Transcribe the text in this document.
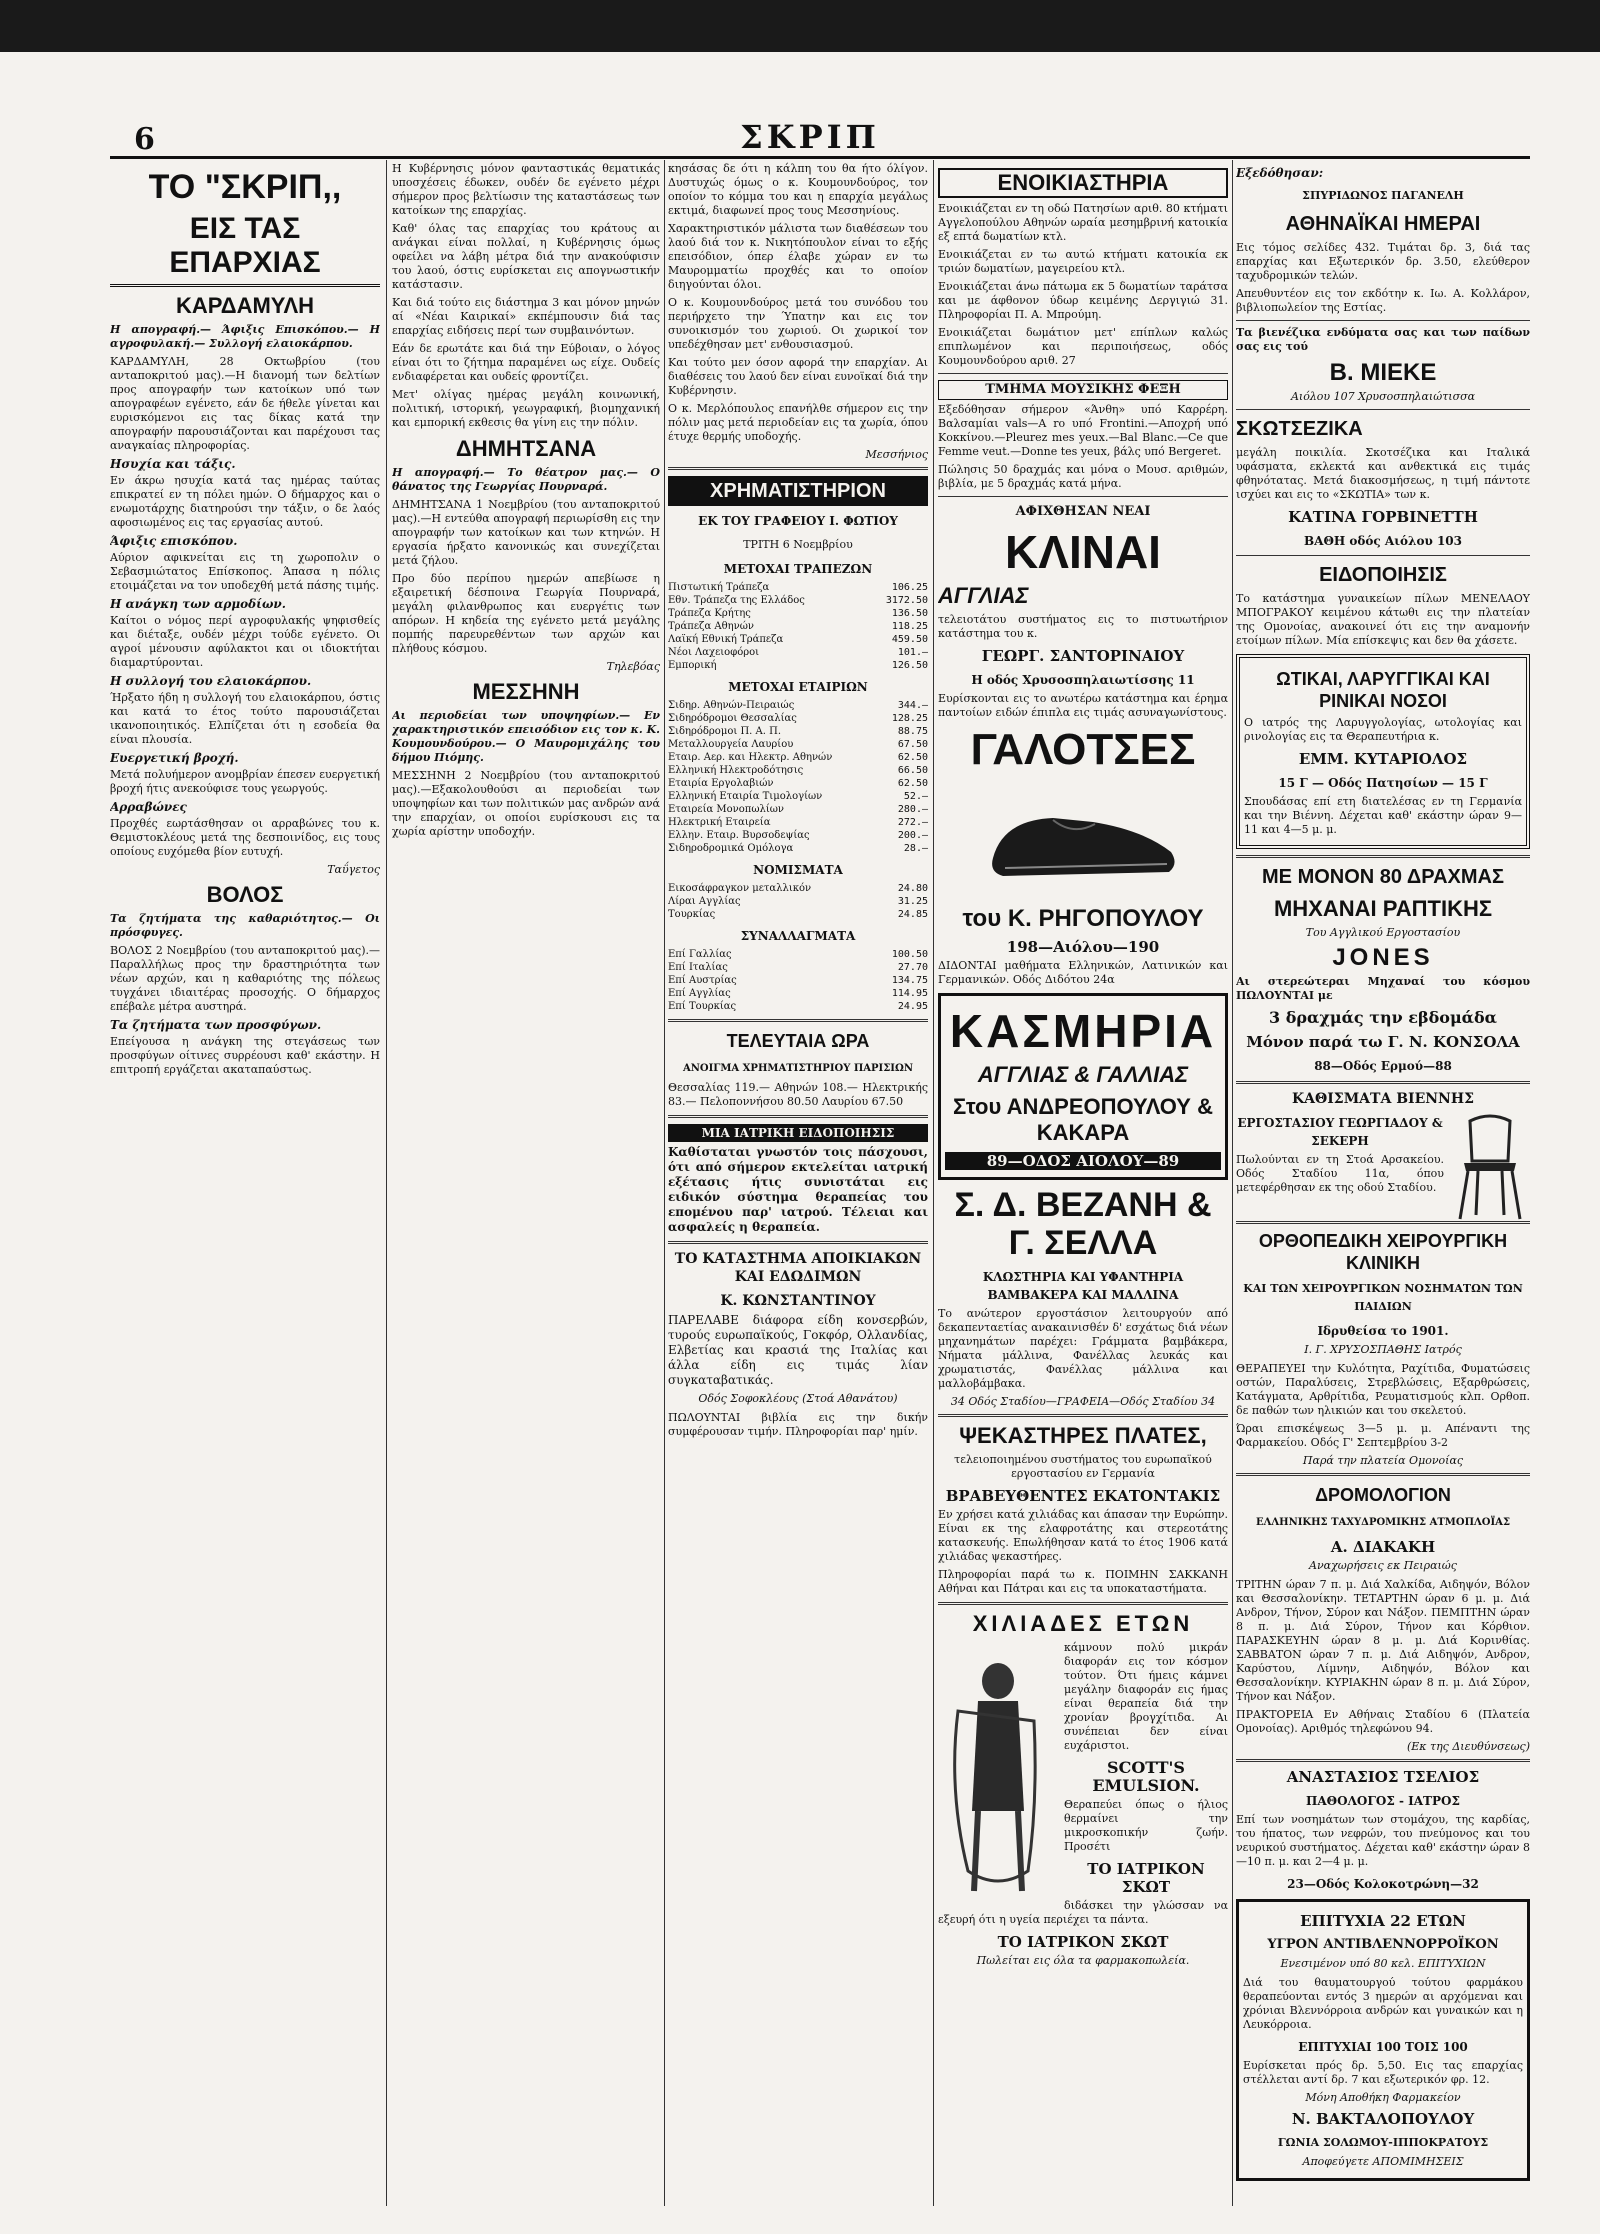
6	ΣΚΡΙΠ
ΤΟ "ΣΚΡΙΠ,,
ΕΙΣ ΤΑΣ ΕΠΑΡΧΙΑΣ
ΚΑΡΔΑΜΥΛΗ

Η απογραφή.— Άφιξις Επισκόπου.— Η αγροφυλακή.— Συλλογή ελαιοκάρπου.

ΚΑΡΔΑΜΥΛΗ, 28 Οκτωβρίου (του ανταποκριτού μας).—Η διανομή των δελτίων προς απογραφήν των κατοίκων υπό των απογραφέων εγένετο, εάν δε ήθελε γίνεται και ευρισκόμενοι εις τας δίκας κατά την απογραφήν παρουσιάζονται και παρέχουσι τας αναγκαίας πληροφορίας.

Ησυχία και τάξις.

Εν άκρω ησυχία κατά τας ημέρας ταύτας επικρατεί εν τη πόλει ημών. Ο δήμαρχος και ο ενωμοτάρχης διατηρούσι την τάξιν, ο δε λαός αφοσιωμένος εις τας εργασίας αυτού.

Άφιξις επισκόπου.

Αύριον αφικνείται εις τη χωροπολιν ο Σεβασμιώτατος Επίσκοπος. Άπασα η πόλις ετοιμάζεται να τον υποδεχθή μετά πάσης τιμής.

Η ανάγκη των αρμοδίων.

Καίτοι ο νόμος περί αγροφυλακής ψηφισθείς και διέταξε, ουδέν μέχρι τούδε εγένετο. Οι αγροί μένουσιν αφύλακτοι και οι ιδιοκτήται διαμαρτύρονται.

Η συλλογή του ελαιοκάρπου.

Ήρξατο ήδη η συλλογή του ελαιοκάρπου, όστις και κατά το έτος τούτο παρουσιάζεται ικανοποιητικός. Ελπίζεται ότι η εσοδεία θα είναι πλουσία.

Ευεργετική βροχή.

Μετά πολυήμερον ανομβρίαν έπεσεν ευεργετική βροχή ήτις ανεκούφισε τους γεωργούς.

Αρραβώνες

Προχθές εωρτάσθησαν οι αρραβώνες του κ. Θεμιστοκλέους μετά της δεσποινίδος, εις τους οποίους ευχόμεθα βίον ευτυχή.

Ταΰγετος
ΒΟΛΟΣ

Τα ζητήματα της καθαριότητος.— Οι πρόσφυγες.

ΒΟΛΟΣ 2 Νοεμβρίου (του ανταποκριτού μας).—Παραλλήλως προς την δραστηριότητα των νέων αρχών, και η καθαριότης της πόλεως τυγχάνει ιδιαιτέρας προσοχής. Ο δήμαρχος επέβαλε μέτρα αυστηρά.

Τα ζητήματα των προσφύγων.

Επείγουσα η ανάγκη της στεγάσεως των προσφύγων οίτινες συρρέουσι καθ' εκάστην. Η επιτροπή εργάζεται ακαταπαύστως.

Η Κυβέρνησις μόνον φανταστικάς θεματικάς υποσχέσεις έδωκεν, ουδέν δε εγένετο μέχρι σήμερον προς βελτίωσιν της καταστάσεως των κατοίκων της επαρχίας.

Καθ' όλας τας επαρχίας του κράτους αι ανάγκαι είναι πολλαί, η Κυβέρνησις όμως οφείλει να λάβη μέτρα διά την ανακούφισιν του λαού, όστις ευρίσκεται εις απογνωστικήν κατάστασιν.

Και διά τούτο εις διάστημα 3 και μόνον μηνών αί «Νέαι Καιρικαί» εκπέμπουσιν διά τας επαρχίας ειδήσεις περί των συμβαινόντων.

Εάν δε ερωτάτε και διά την Εύβοιαν, ο λόγος είναι ότι το ζήτημα παραμένει ως είχε. Ουδείς ενδιαφέρεται και ουδείς φροντίζει.

Μετ' ολίγας ημέρας μεγάλη κοινωνική, πολιτική, ιστορική, γεωγραφική, βιομηχανική και εμπορική εκθεσις θα γίνη εις την πόλιν.

ΔΗΜΗΤΣΑΝΑ

Η απογραφή.— Το θέατρον μας.— Ο θάνατος της Γεωργίας Πουρναρά.

ΔΗΜΗΤΣΑΝΑ 1 Νοεμβρίου (του ανταποκριτού μας).—Η εντεύθα απογραφή περιωρίσθη εις την απογραφήν των κατοίκων και των κτηνών. Η εργασία ήρξατο κανονικώς και συνεχίζεται μετά ζήλου.

Προ δύο περίπου ημερών απεβίωσε η εξαιρετική δέσποινα Γεωργία Πουρναρά, μεγάλη φιλανθρωπος και ευεργέτις των απόρων. Η κηδεία της εγένετο μετά μεγάλης πομπής παρευρεθέντων των αρχών και πλήθους κόσμου.

Τηλεβόας
ΜΕΣΣΗΝΗ

Αι περιοδείαι των υποψηφίων.— Εν χαρακτηριστικόν επεισόδιον εις τον κ. Κ. Κουμουνδούρου.— Ο Μαυρομιχάλης του δήμου Πιόμης.

ΜΕΣΣΗΝΗ 2 Νοεμβρίου (του ανταποκριτού μας).—Εξακολουθούσι αι περιοδείαι των υποψηφίων και των πολιτικών μας ανδρών ανά την επαρχίαν, οι οποίοι ευρίσκουσι εις τα χωρία αρίστην υποδοχήν.

κησάσας δε ότι η κάλπη του θα ήτο όλίγον. Δυστυχώς όμως ο κ. Κουμουνδούρος, τον οποίον το κόμμα του και η επαρχία μεγάλως εκτιμά, διαφωνεί προς τους Μεσσηνίους.

Χαρακτηριστικόν μάλιστα των διαθέσεων του λαού διά τον κ. Νικητόπουλον είναι το εξής επεισόδιον, όπερ έλαβε χώραν εν τω Μαυρομματίω προχθές και το οποίον διηγούνται όλοι.

Ο κ. Κουμουνδούρος μετά του συνόδου του περιήρχετο την Ύπατην και εις τον συνοικισμόν του χωριού. Οι χωρικοί τον υπεδέχθησαν μετ' ενθουσιασμού.

Και τούτο μεν όσον αφορά την επαρχίαν. Αι διαθέσεις του λαού δεν είναι ευνοϊκαί διά την Κυβέρνησιν.

Ο κ. Μερλόπουλος επανήλθε σήμερον εις την πόλιν μας μετά περιοδείαν εις τα χωρία, όπου έτυχε θερμής υποδοχής.

Μεσσήνιος
ΧΡΗΜΑΤΙΣΤΗΡΙΟΝ
ΕΚ ΤΟΥ ΓΡΑΦΕΙΟΥ Ι. ΦΩΤΙΟΥ
ΤΡΙΤΗ 6 Νοεμβρίου
ΜΕΤΟΧΑΙ ΤΡΑΠΕΖΩΝ
Πιστωτική Τράπεζα	106.25
Εθν. Τράπεζα της Ελλάδος	3172.50
Τράπεζα Κρήτης	136.50
Τράπεζα Αθηνών	118.25
Λαϊκή Εθνική Τράπεζα	459.50
Νέοι Λαχειοφόροι	101.—
Εμπορική	126.50
ΜΕΤΟΧΑΙ ΕΤΑΙΡΙΩΝ
Σιδηρ. Αθηνών-Πειραιώς	344.—
Σιδηρόδρομοι Θεσσαλίας	128.25
Σιδηρόδρομοι Π. Α. Π.	88.75
Μεταλλουργεία Λαυρίου	67.50
Εταιρ. Αερ. και Ηλεκτρ. Αθηνών	62.50
Ελληνική Ηλεκτροδότησις	66.50
Εταιρία Εργολαβιών	62.50
Ελληνική Εταιρία Τιμολογίων	52.—
Εταιρεία Μονοπωλίων	280.—
Ηλεκτρική Εταιρεία	272.—
Ελλην. Εταιρ. Βυρσοδεψίας	200.—
Σιδηροδρομικά Ομόλογα	28.—
ΝΟΜΙΣΜΑΤΑ
Εικοσάφραγκον μεταλλικόν	24.80
Λίραι Αγγλίας	31.25
Τουρκίας	24.85
ΣΥΝΑΛΛΑΓΜΑΤΑ
Επί Γαλλίας	100.50
Επί Ιταλίας	27.70
Επί Αυστρίας	134.75
Επί Αγγλίας	114.95
Επί Τουρκίας	24.95
ΤΕΛΕΥΤΑΙΑ ΩΡΑ
ΑΝΟΙΓΜΑ ΧΡΗΜΑΤΙΣΤΗΡΙΟΥ ΠΑΡΙΣΙΩΝ

Θεσσαλίας 119.— Αθηνών 108.— Ηλεκτρικής 83.— Πελοποννήσου 80.50 Λαυρίου 67.50

ΜΙΑ ΙΑΤΡΙΚΗ ΕΙΔΟΠΟΙΗΣΙΣ

Καθίσταται γνωστόν τοις πάσχουσι, ότι από σήμερον εκτελείται ιατρική εξέτασις ήτις συνιστάται εις ειδικόν σύστημα θεραπείας του επομένου παρ' ιατρού. Τέλειαι και ασφαλείς η θεραπεία.

ΤΟ ΚΑΤΑΣΤΗΜΑ ΑΠΟΙΚΙΑΚΩΝ ΚΑΙ ΕΔΩΔΙΜΩΝ
Κ. ΚΩΝΣΤΑΝΤΙΝΟΥ

ΠΑΡΕΛΑΒΕ διάφορα είδη κονσερβών, τυρούς ευρωπαϊκούς, Γοκφόρ, Ολλανδίας, Ελβετίας και κρασιά της Ιταλίας και άλλα είδη εις τιμάς λίαν συγκαταβατικάς.

Οδός Σοφοκλέους (Στοά Αθανάτου)

ΠΩΛΟΥΝΤΑΙ βιβλία εις την δικήν συμφέρουσαν τιμήν. Πληροφορίαι παρ' ημίν.

ΕΝΟΙΚΙΑΣΤΗΡΙΑ

Ενοικιάζεται εν τη οδώ Πατησίων αριθ. 80 κτήματι Αγγελοπούλου Αθηνών ωραία μεσημβρινή κατοικία εξ επτά δωματίων κτλ.

Ενοικιάζεται εν τω αυτώ κτήματι κατοικία εκ τριών δωματίων, μαγειρείου κτλ.

Ενοικιάζεται άνω πάτωμα εκ 5 δωματίων ταράτσα και με άφθονον ύδωρ κειμένης Δεργιγιώ 31. Πληροφορίαι Π. Α. Μπρούμη.

Ενοικιάζεται δωμάτιον μετ' επίπλων καλώς επιπλωμένον και περιποιήσεως, οδός Κουμουνδούρου αριθ. 27

ΤΜΗΜΑ ΜΟΥΣΙΚΗΣ ΦΕΞΗ

Εξεδόθησαν σήμερον «Άνθη» υπό Καρρέρη. Βαλσαμίαι vals—Α ro υπό Frontini.—Αποχρή υπό Κοκκίνου.—Pleurez mes yeux.—Bal Blanc.—Ce que Femme veut.—Donne tes yeux, βάλς υπό Bergeret.

Πώλησις 50 δραχμάς και μόνα ο Μουσ. αριθμών, βιβλία, με 5 δραχμάς κατά μήνα.

ΑΦΙΧΘΗΣΑΝ ΝΕΑΙ
ΚΛΙΝΑΙ
ΑΓΓΛΙΑΣ

τελειοτάτου συστήματος εις το πιστυωτήριον κατάστημα του κ.

ΓΕΩΡΓ. ΣΑΝΤΟΡΙΝΑΙΟΥ
Η οδός Χρυσοσπηλαιωτίσσης 11

Ευρίσκονται εις το ανωτέρω κατάστημα και έρημα παντοίων ειδών έπιπλα εις τιμάς ασυναγωνίστους.

ΓΑΛΟΤΣΕΣ
του Κ. ΡΗΓΟΠΟΥΛΟΥ
198—Αιόλου—190

ΔΙΔΟΝΤΑΙ μαθήματα Ελληνικών, Λατινικών και Γερμανικών. Οδός Διδότου 24α

ΚΑΣΜΗΡΙΑ
ΑΓΓΛΙΑΣ & ΓΑΛΛΙΑΣ
Στου ΑΝΔΡΕΟΠΟΥΛΟΥ & ΚΑΚΑΡΑ
89—ΟΔΟΣ ΑΙΟΛΟΥ—89
Σ. Δ. ΒΕΖΑΝΗ & Γ. ΣΕΛΛΑ
ΚΛΩΣΤΗΡΙΑ ΚΑΙ ΥΦΑΝΤΗΡΙΑ ΒΑΜΒΑΚΕΡΑ ΚΑΙ ΜΑΛΛΙΝΑ

Το ανώτερον εργοστάσιον λειτουργούν από δεκαπενταετίας ανακαινισθέν δ' εσχάτως διά νέων μηχανημάτων παρέχει: Γράμματα βαμβάκερα, Νήματα μάλλινα, Φανέλλας λευκάς και χρωματιστάς, Φανέλλας μάλλινα και μαλλοβάμβακα.

34 Οδός Σταδίου—ΓΡΑΦΕΙΑ—Οδός Σταδίου 34
ΨΕΚΑΣΤΗΡΕΣ ΠΛΑΤΕΣ,

τελειοποιημένου συστήματος του ευρωπαϊκού εργοστασίου εν Γερμανία

ΒΡΑΒΕΥΘΕΝΤΕΣ ΕΚΑΤΟΝΤΑΚΙΣ

Εν χρήσει κατά χιλιάδας και άπασαν την Ευρώπην. Είναι εκ της ελαφροτάτης και στερεοτάτης κατασκευής. Επωλήθησαν κατά το έτος 1906 κατά χιλιάδας ψεκαστήρες.

Πληροφορίαι παρά τω κ. ΠΟΙΜΗΝ ΣΑΚΚΑΝΗ Αθήναι και Πάτραι και εις τα υποκαταστήματα.

ΧΙΛΙΑΔΕΣ ΕΤΩΝ

κάμνουν πολύ μικράν διαφοράν εις τον κόσμον τούτον. Ότι ήμεις κάμνει μεγάλην διαφοράν εις ήμας είναι θεραπεία διά την χρονίαν βρογχίτιδα. Αι συνέπειαι δεν είναι ευχάριστοι.

SCOTT'S EMULSION.

Θεραπεύει όπως ο ήλιος θερμαίνει την μικροσκοπικήν ζωήν. Προσέτι

ΤΟ ΙΑΤΡΙΚΟΝ ΣΚΩΤ

διδάσκει την γλώσσαν να εξευρή ότι η υγεία περιέχει τα πάντα.

ΤΟ ΙΑΤΡΙΚΟΝ ΣΚΩΤ
Πωλείται εις όλα τα φαρμακοπωλεία.
Εξεδόθησαν:
ΣΠΥΡΙΔΩΝΟΣ ΠΑΓΑΝΕΛΗ
ΑΘΗΝΑΪΚΑΙ ΗΜΕΡΑΙ

Εις τόμος σελίδες 432. Τιμάται δρ. 3, διά τας επαρχίας και Εξωτερικόν δρ. 3.50, ελεύθερον ταχυδρομικών τελών.

Απευθυντέον εις τον εκδότην κ. Ιω. Α. Κολλάρον, βιβλιοπωλείον της Εστίας.

Τα βιενέζικα ενδύματα σας και των παίδων σας εις τού

Β. ΜΙΕΚΕ
Αιόλου 107 Χρυσοσπηλαιώτισσα
ΣΚΩΤΣΕΖΙΚΑ

μεγάλη ποικιλία. Σκοτσέζικα και Ιταλικά υφάσματα, εκλεκτά και ανθεκτικά εις τιμάς φθηνότατας. Μετά διακοσμήσεως, η τιμή πάντοτε ισχύει και εις το «ΣΚΩΤΙΑ» των κ.

ΚΑΤΙΝΑ ΓΟΡΒΙΝΕΤΤΗ
ΒΑΘΗ οδός Αιόλου 103
ΕΙΔΟΠΟΙΗΣΙΣ

Το κατάστημα γυναικείων πίλων ΜΕΝΕΛΑΟΥ ΜΠΟΓΡΑΚΟΥ κειμένου κάτωθι εις την πλατείαν της Ομονοίας, ανακοινεί ότι εις την αναμονήν ετοίμων πίλων. Μία επίσκεψις και δεν θα χάσετε.

ΩΤΙΚΑΙ, ΛΑΡΥΓΓΙΚΑΙ ΚΑΙ ΡΙΝΙΚΑΙ ΝΟΣΟΙ

Ο ιατρός της Λαρυγγολογίας, ωτολογίας και ρινολογίας εις τα Θεραπευτήρια κ.

ΕΜΜ. ΚΥΤΑΡΙΟΛΟΣ
15 Γ — Οδός Πατησίων — 15 Γ

Σπουδάσας επί ετη διατελέσας εν τη Γερμανία και την Βιέννη. Δέχεται καθ' εκάστην ώραν 9—11 και 4—5 μ. μ.

ΜΕ ΜΟΝΟΝ 80 ΔΡΑΧΜΑΣ
ΜΗΧΑΝΑΙ ΡΑΠΤΙΚΗΣ
Του Αγγλικού Εργοστασίου
JONES

Αι στερεώτεραι Μηχαναί του κόσμου ΠΩΛΟΥΝΤΑΙ με

3 δραχμάς την εβδομάδα
Μόνον παρά τω Γ. Ν. ΚΟΝΣΟΛΑ
88—Οδός Ερμού—88
ΚΑΘΙΣΜΑΤΑ ΒΙΕΝΝΗΣ
ΕΡΓΟΣΤΑΣΙΟΥ ΓΕΩΡΓΙΑΔΟΥ & ΣΕΚΕΡΗ

Πωλούνται εν τη Στοά Αρσακείου. Οδός Σταδίου 11α, όπου μετεφέρθησαν εκ της οδού Σταδίου.

ΟΡΘΟΠΕΔΙΚΗ ΧΕΙΡΟΥΡΓΙΚΗ ΚΛΙΝΙΚΗ
ΚΑΙ ΤΩΝ ΧΕΙΡΟΥΡΓΙΚΩΝ ΝΟΣΗΜΑΤΩΝ ΤΩΝ ΠΑΙΔΙΩΝ
Ιδρυθείσα το 1901.
Ι. Γ. ΧΡΥΣΟΣΠΑΘΗΣ Ιατρός

ΘΕΡΑΠΕΥΕΙ την Κυλότητα, Ραχίτιδα, Φυματώσεις οστών, Παραλύσεις, Στρεβλώσεις, Εξαρθρώσεις, Κατάγματα, Αρθρίτιδα, Ρευματισμούς κλπ. Ορθοπ. δε παθών των ηλικιών και του σκελετού.

Ώραι επισκέψεως 3—5 μ. μ. Απέναντι της Φαρμακείου. Οδός Γ' Σεπτεμβρίου 3-2

Παρά την πλατεία Ομονοίας
ΔΡΟΜΟΛΟΓΙΟΝ
ΕΛΛΗΝΙΚΗΣ ΤΑΧΥΔΡΟΜΙΚΗΣ ΑΤΜΟΠΛΟΪΑΣ
Α. ΔΙΑΚΑΚΗ
Αναχωρήσεις εκ Πειραιώς

ΤΡΙΤΗΝ ώραν 7 π. μ. Διά Χαλκίδα, Αιδηψόν, Βόλον και Θεσσαλονίκην. ΤΕΤΑΡΤΗΝ ώραν 6 μ. μ. Διά Ανδρον, Τήνον, Σύρον και Νάξον. ΠΕΜΠΤΗΝ ώραν 8 π. μ. Διά Σύρον, Τήνον και Κόρθιον. ΠΑΡΑΣΚΕΥΗΝ ώραν 8 μ. μ. Διά Κορινθίας. ΣΑΒΒΑΤΟΝ ώραν 7 π. μ. Διά Αιδηψόν, Ανδρον, Καρύστου, Λίμνην, Αιδηψόν, Βόλον και Θεσσαλονίκην. ΚΥΡΙΑΚΗΝ ώραν 8 π. μ. Διά Σύρον, Τήνον και Νάξον.

ΠΡΑΚΤΟΡΕΙΑ Εν Αθήναις Σταδίου 6 (Πλατεία Ομονοίας). Αριθμός τηλεφώνου 94.

(Εκ της Διευθύνσεως)
ΑΝΑΣΤΑΣΙΟΣ ΤΣΕΛΙΟΣ
ΠΑΘΟΛΟΓΟΣ - ΙΑΤΡΟΣ

Επί των νοσημάτων των στομάχου, της καρδίας, του ήπατος, των νεφρών, του πνεύμονος και του νευρικού συστήματος. Δέχεται καθ' εκάστην ώραν 8—10 π. μ. και 2—4 μ. μ.

23—Οδός Κολοκοτρώνη—32
ΕΠΙΤΥΧΙΑ 22 ΕΤΩΝ
ΥΓΡΟΝ ΑΝΤΙΒΛΕΝΝΟΡΡΟΪΚΟΝ
Ενεσιμένον υπό 80 κελ. ΕΠΙΤΥΧΙΩΝ

Διά του θαυματουργού τούτου φαρμάκου θεραπεύονται εντός 3 ημερών αι αρχόμεναι και χρόνιαι Βλεννόρροια ανδρών και γυναικών και η Λευκόρροια.

ΕΠΙΤΥΧΙΑΙ 100 ΤΟΙΣ 100

Ευρίσκεται πρός δρ. 5,50. Εις τας επαρχίας στέλλεται αντί δρ. 7 και εξωτερικόν φρ. 12.

Μόνη Αποθήκη Φαρμακείον
Ν. ΒΑΚΤΑΛΟΠΟΥΛΟΥ
ΓΩΝΙΑ ΣΟΛΩΜΟΥ-ΙΠΠΟΚΡΑΤΟΥΣ
Αποφεύγετε ΑΠΟΜΙΜΗΣΕΙΣ
